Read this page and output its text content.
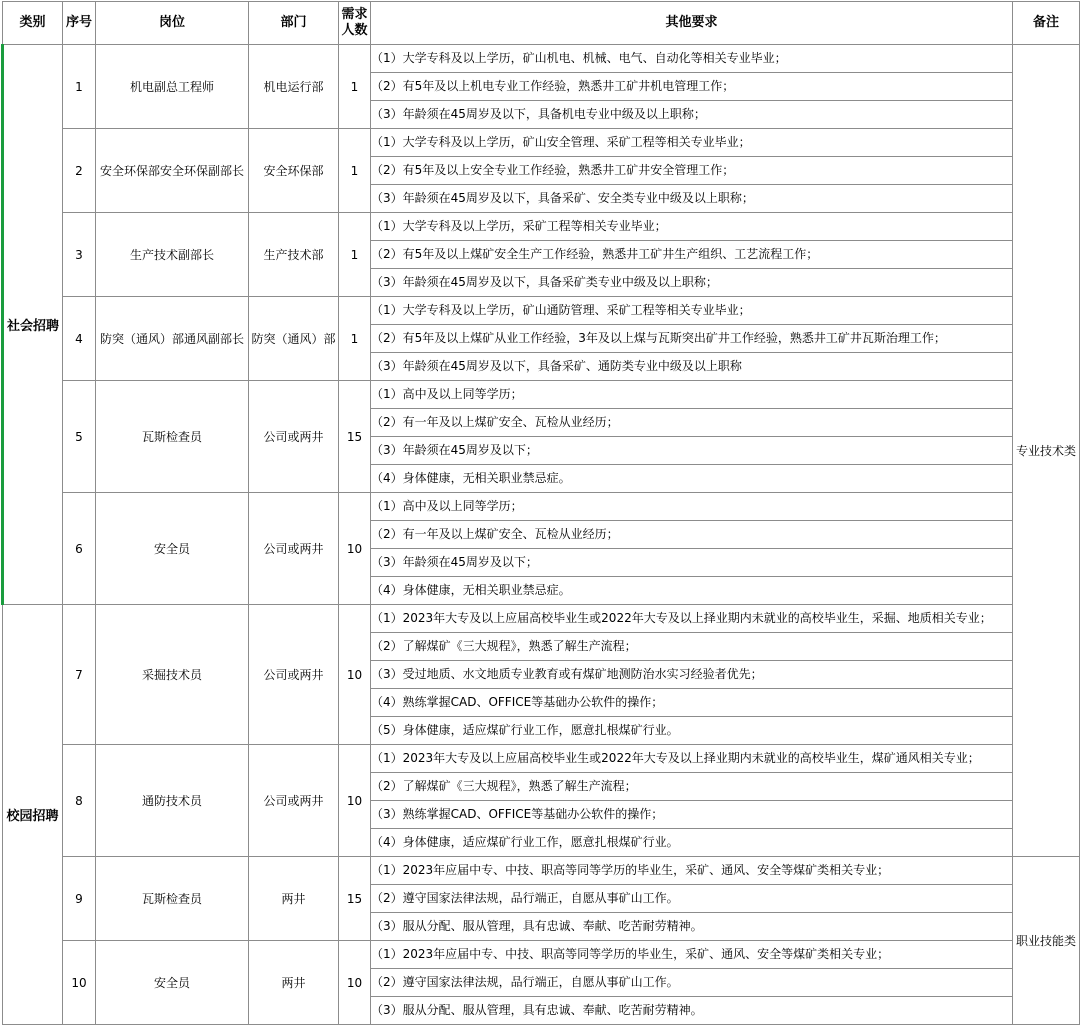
类别	序号	岗位	部门	需求人数	其他要求	备注
社会招聘	1	机电副总工程师	机电运行部	1	（1）大学专科及以上学历，矿山机电、机械、电气、自动化等相关专业毕业；	专业技术类
					（2）有5年及以上机电专业工作经验，熟悉井工矿井机电管理工作；	
					（3）年龄须在45周岁及以下，具备机电专业中级及以上职称；	
	2	安全环保部安全环保副部长	安全环保部	1	（1）大学专科及以上学历，矿山安全管理、采矿工程等相关专业毕业；	
					（2）有5年及以上安全专业工作经验，熟悉井工矿井安全管理工作；	
					（3）年龄须在45周岁及以下，具备采矿、安全类专业中级及以上职称；	
	3	生产技术副部长	生产技术部	1	（1）大学专科及以上学历，采矿工程等相关专业毕业；	
					（2）有5年及以上煤矿安全生产工作经验，熟悉井工矿井生产组织、工艺流程工作；	
					（3）年龄须在45周岁及以下，具备采矿类专业中级及以上职称；	
	4	防突（通风）部通风副部长	防突（通风）部	1	（1）大学专科及以上学历，矿山通防管理、采矿工程等相关专业毕业；	
					（2）有5年及以上煤矿从业工作经验，3年及以上煤与瓦斯突出矿井工作经验，熟悉井工矿井瓦斯治理工作；	
					（3）年龄须在45周岁及以下，具备采矿、通防类专业中级及以上职称	
	5	瓦斯检查员	公司或两井	15	（1）高中及以上同等学历；	
					（2）有一年及以上煤矿安全、瓦检从业经历；	
					（3）年龄须在45周岁及以下；	
					（4）身体健康，无相关职业禁忌症。	
	6	安全员	公司或两井	10	（1）高中及以上同等学历；	
					（2）有一年及以上煤矿安全、瓦检从业经历；	
					（3）年龄须在45周岁及以下；	
					（4）身体健康，无相关职业禁忌症。	
校园招聘	7	采掘技术员	公司或两井	10	（1）2023年大专及以上应届高校毕业生或2022年大专及以上择业期内未就业的高校毕业生，采掘、地质相关专业；	
					（2）了解煤矿《三大规程》，熟悉了解生产流程；	
					（3）受过地质、水文地质专业教育或有煤矿地测防治水实习经验者优先；	
					（4）熟练掌握CAD、OFFICE等基础办公软件的操作；	
					（5）身体健康，适应煤矿行业工作，愿意扎根煤矿行业。	
	8	通防技术员	公司或两井	10	（1）2023年大专及以上应届高校毕业生或2022年大专及以上择业期内未就业的高校毕业生，煤矿通风相关专业；	
					（2）了解煤矿《三大规程》，熟悉了解生产流程；	
					（3）熟练掌握CAD、OFFICE等基础办公软件的操作；	
					（4）身体健康，适应煤矿行业工作，愿意扎根煤矿行业。	
	9	瓦斯检查员	两井	15	（1）2023年应届中专、中技、职高等同等学历的毕业生，采矿、通风、安全等煤矿类相关专业；	职业技能类
					（2）遵守国家法律法规，品行端正，自愿从事矿山工作。	
					（3）服从分配、服从管理，具有忠诚、奉献、吃苦耐劳精神。	
	10	安全员	两井	10	（1）2023年应届中专、中技、职高等同等学历的毕业生，采矿、通风、安全等煤矿类相关专业；	
					（2）遵守国家法律法规，品行端正，自愿从事矿山工作。	
					（3）服从分配、服从管理，具有忠诚、奉献、吃苦耐劳精神。	
